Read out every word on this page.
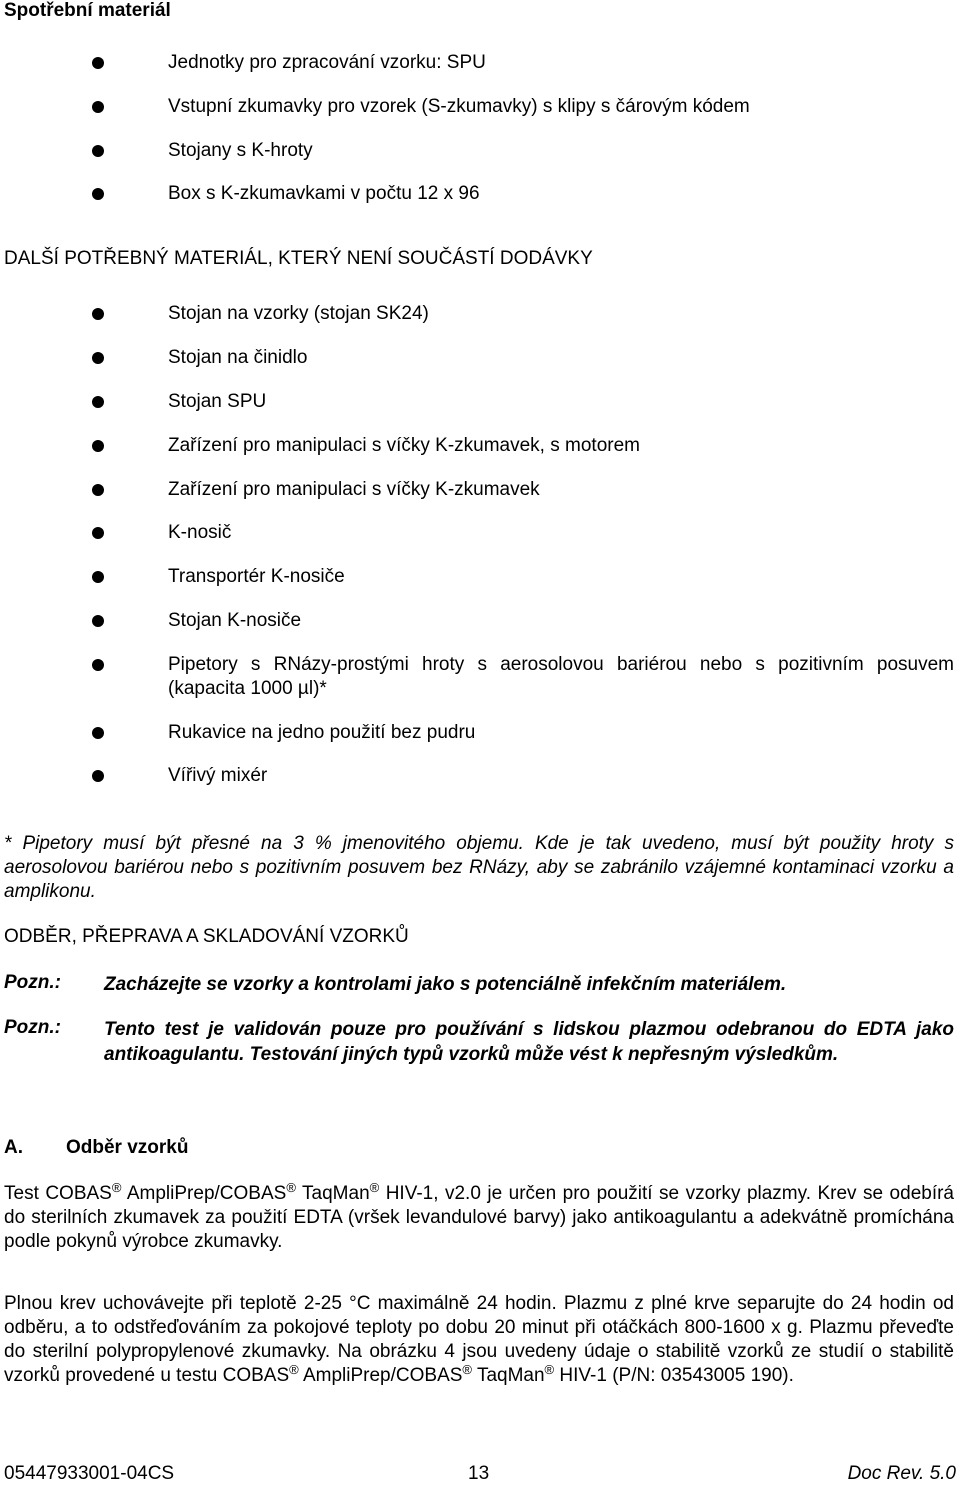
Spotřební materiál
Jednotky pro zpracování vzorku: SPU
Vstupní zkumavky pro vzorek (S-zkumavky) s klipy s čárovým kódem
Stojany s K-hroty
Box s K-zkumavkami v počtu 12 x 96
DALŠÍ POTŘEBNÝ MATERIÁL, KTERÝ NENÍ SOUČÁSTÍ DODÁVKY
Stojan na vzorky (stojan SK24)
Stojan na činidlo
Stojan SPU
Zařízení pro manipulaci s víčky K-zkumavek, s motorem
Zařízení pro manipulaci s víčky K-zkumavek
K-nosič
Transportér K-nosiče
Stojan K-nosiče
Pipetory s RNázy-prostými hroty s aerosolovou bariérou nebo s pozitivním posuvem (kapacita 1000 µl)*
Rukavice na jedno použití bez pudru
Vířivý mixér
* Pipetory musí být přesné na 3 % jmenovitého objemu. Kde je tak uvedeno, musí být použity hroty s aerosolovou bariérou nebo s pozitivním posuvem bez RNázy, aby se zabránilo vzájemné kontaminaci vzorku a amplikonu.
ODBĚR, PŘEPRAVA A SKLADOVÁNÍ VZORKŮ
Pozn.: Zacházejte se vzorky a kontrolami jako s potenciálně infekčním materiálem.
Pozn.: Tento test je validován pouze pro používání s lidskou plazmou odebranou do EDTA jako antikoagulantu. Testování jiných typů vzorků může vést k nepřesným výsledkům.
A. Odběr vzorků
Test COBAS® AmpliPrep/COBAS® TaqMan® HIV-1, v2.0 je určen pro použití se vzorky plazmy. Krev se odebírá do sterilních zkumavek za použití EDTA (vršek levandulové barvy) jako antikoagulantu a adekvátně promíchána podle pokynů výrobce zkumavky.
Plnou krev uchovávejte při teplotě 2-25 °C maximálně 24 hodin. Plazmu z plné krve separujte do 24 hodin od odběru, a to odstřeďováním za pokojové teploty po dobu 20 minut při otáčkách 800-1600 x g. Plazmu převeďte do sterilní polypropylenové zkumavky. Na obrázku 4 jsou uvedeny údaje o stabilitě vzorků ze studií o stabilitě vzorků provedené u testu COBAS® AmpliPrep/COBAS® TaqMan® HIV-1 (P/N: 03543005 190).
05447933001-04CS	13	Doc Rev. 5.0
